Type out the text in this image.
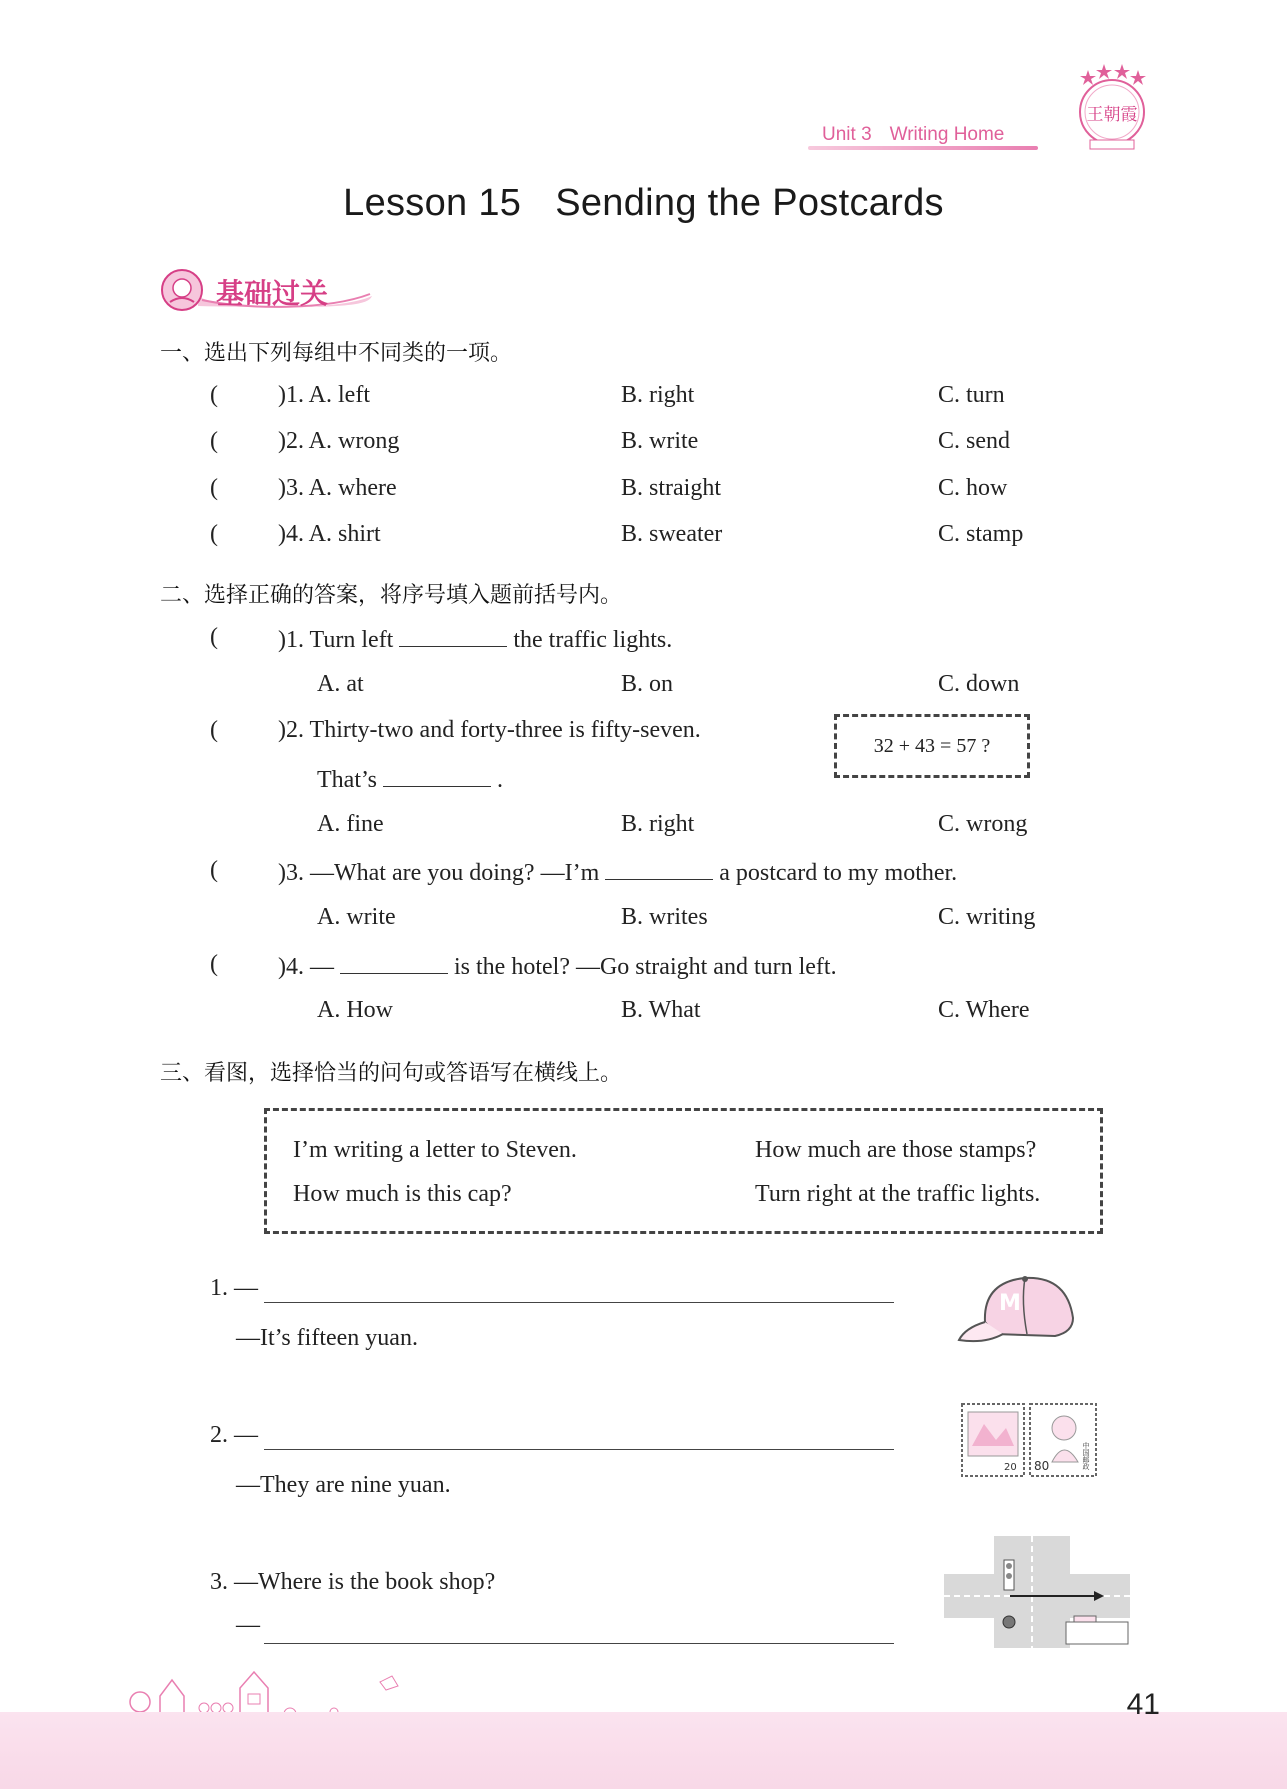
Unit 3 Writing Home
王朝霞
Lesson 15 Sending the Postcards
基础过关
一、选出下列每组中不同类的一项。
(	)1. A. left	B. right	C. turn
(	)2. A. wrong	B. write	C. send
(	)3. A. where	B. straight	C. how
(	)4. A. shirt	B. sweater	C. stamp
二、选择正确的答案，将序号填入题前括号内。
(	)1. Turn left	the traffic lights.
A. at	B. on	C. down
(	)2. Thirty-two and forty-three is fifty-seven.
That’s	.
32 + 43 = 57 ?
A. fine	B. right	C. wrong
(	)3. —What are you doing? —I’m	a postcard to my mother.
A. write	B. writes	C. writing
(	)4. —	is the hotel? —Go straight and turn left.
A. How	B. What	C. Where
三、看图，选择恰当的问句或答语写在横线上。
I’m writing a letter to Steven.	How much are those stamps?
How much is this cap?	Turn right at the traffic lights.
1. —
—It’s fifteen yuan.
M
2. —
—They are nine yuan.
20 80	中国邮政
3. —Where is the book shop?
—
41
